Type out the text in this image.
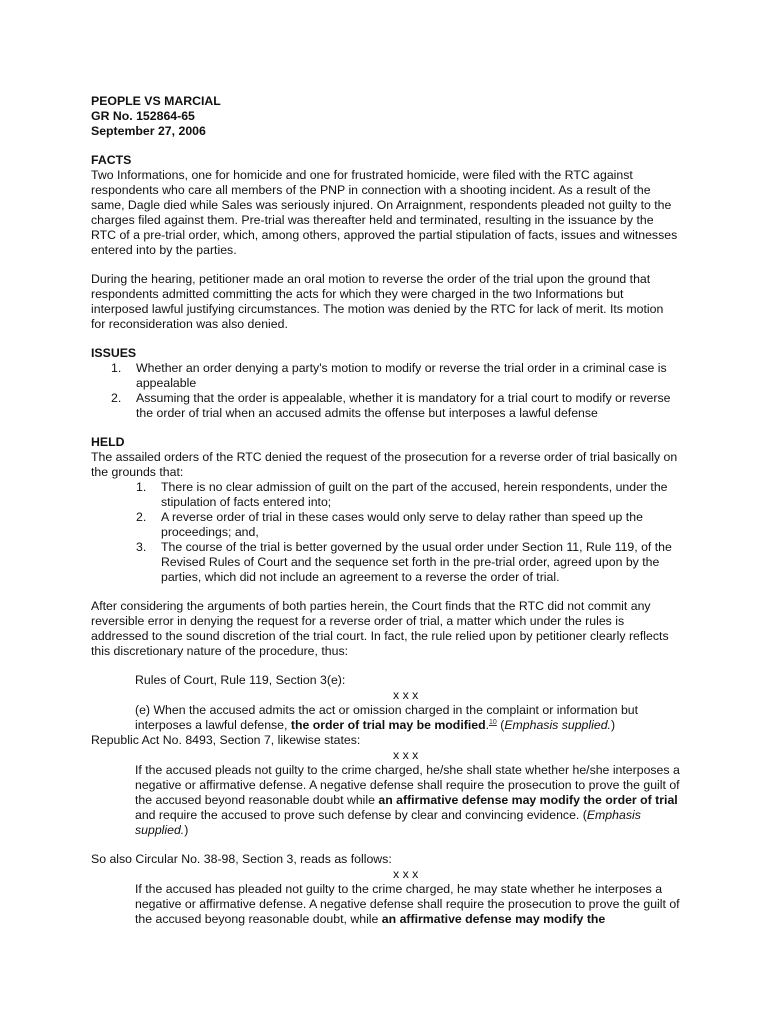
PEOPLE VS MARCIAL
GR No. 152864-65
September 27, 2006
FACTS

Two Informations, one for homicide and one for frustrated homicide, were filed with the RTC against respondents who care all members of the PNP in connection with a shooting incident. As a result of the same, Dagle died while Sales was seriously injured. On Arraignment, respondents pleaded not guilty to the charges filed against them. Pre-trial was thereafter held and terminated, resulting in the issuance by the RTC of a pre-trial order, which, among others, approved the partial stipulation of facts, issues and witnesses entered into by the parties.

During the hearing, petitioner made an oral motion to reverse the order of the trial upon the ground that respondents admitted committing the acts for which they were charged in the two Informations but interposed lawful justifying circumstances. The motion was denied by the RTC for lack of merit. Its motion for reconsideration was also denied.

ISSUES
1. Whether an order denying a party's motion to modify or reverse the trial order in a criminal case is appealable
2. Assuming that the order is appealable, whether it is mandatory for a trial court to modify or reverse the order of trial when an accused admits the offense but interposes a lawful defense
HELD

The assailed orders of the RTC denied the request of the prosecution for a reverse order of trial basically on the grounds that:

1. There is no clear admission of guilt on the part of the accused, herein respondents, under the stipulation of facts entered into;
2. A reverse order of trial in these cases would only serve to delay rather than speed up the proceedings; and,
3. The course of the trial is better governed by the usual order under Section 11, Rule 119, of the Revised Rules of Court and the sequence set forth in the pre-trial order, agreed upon by the parties, which did not include an agreement to a reverse the order of trial.

After considering the arguments of both parties herein, the Court finds that the RTC did not commit any reversible error in denying the request for a reverse order of trial, a matter which under the rules is addressed to the sound discretion of the trial court. In fact, the rule relied upon by petitioner clearly reflects this discretionary nature of the procedure, thus:

Rules of Court, Rule 119, Section 3(e):
x x x

(e) When the accused admits the act or omission charged in the complaint or information but interposes a lawful defense, the order of trial may be modified.$^{10}$ (Emphasis supplied.)

Republic Act No. 8493, Section 7, likewise states:
x x x

If the accused pleads not guilty to the crime charged, he/she shall state whether he/she interposes a negative or affirmative defense. A negative defense shall require the prosecution to prove the guilt of the accused beyond reasonable doubt while an affirmative defense may modify the order of trial and require the accused to prove such defense by clear and convincing evidence. (Emphasis supplied.)

So also Circular No. 38-98, Section 3, reads as follows:
x x x

If the accused has pleaded not guilty to the crime charged, he may state whether he interposes a negative or affirmative defense. A negative defense shall require the prosecution to prove the guilt of the accused beyong reasonable doubt, while an affirmative defense may modify the
